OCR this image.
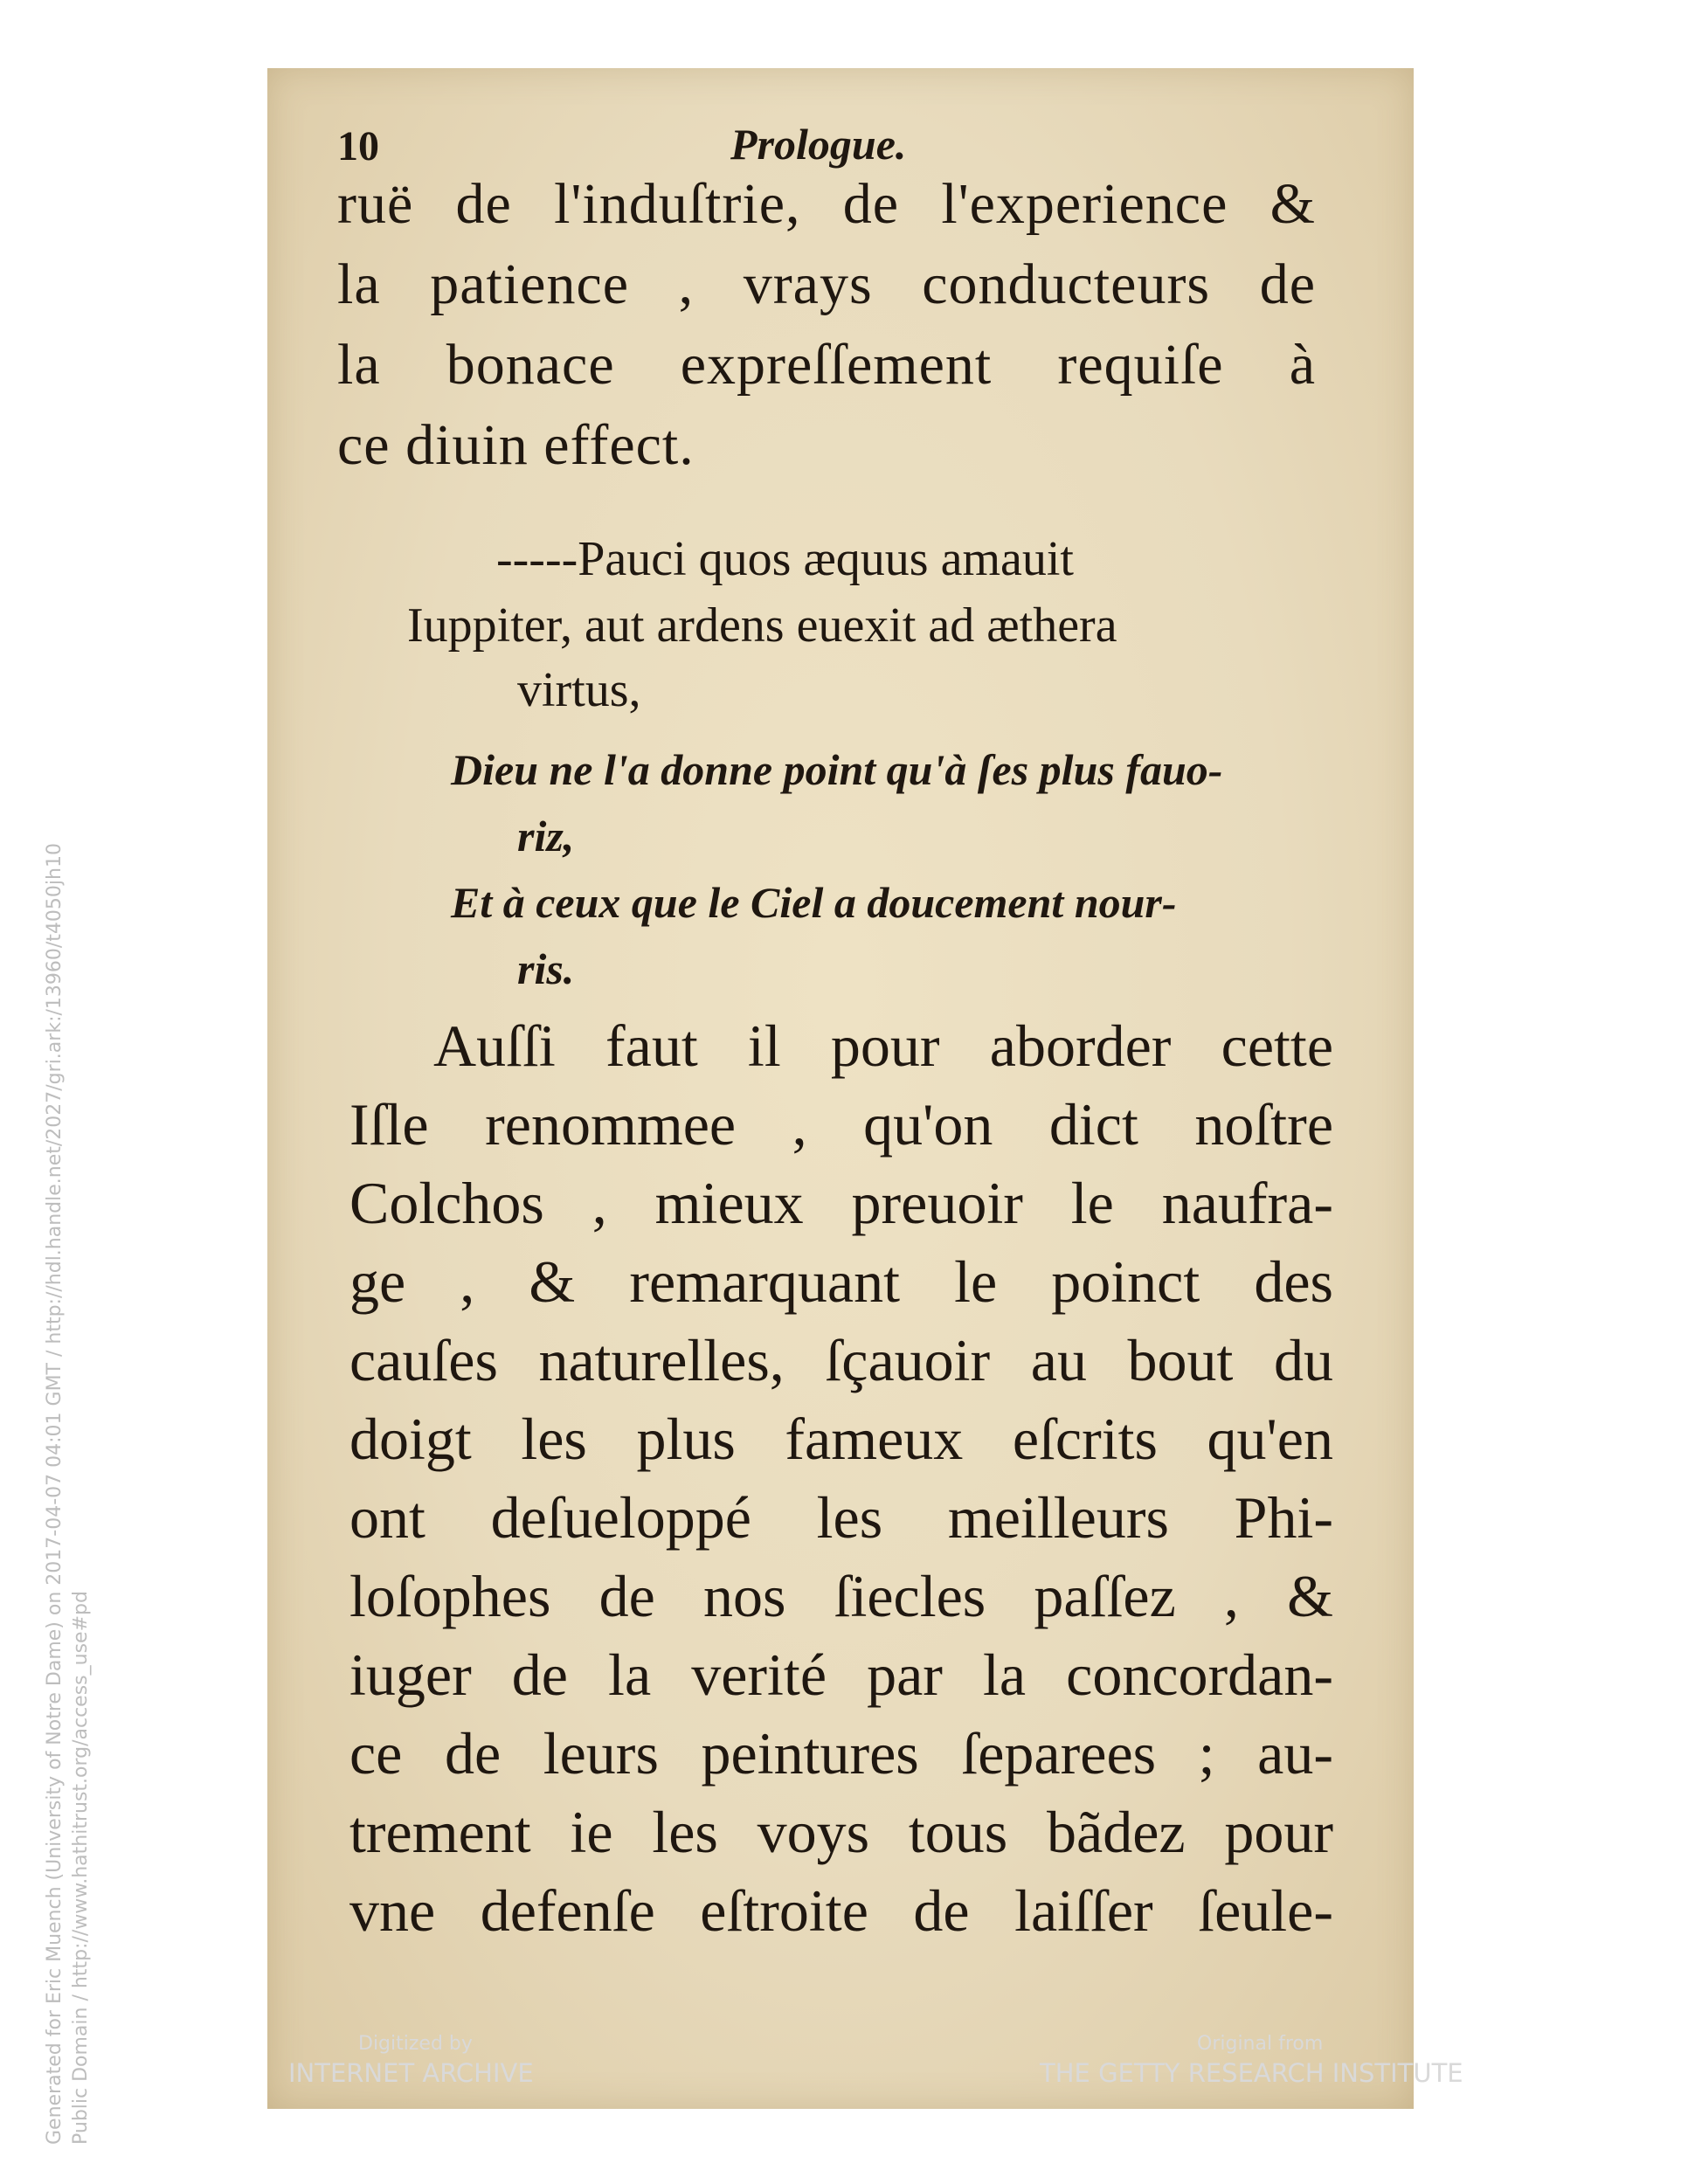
10	Prologue.
ruë de l'induſtrie, de l'experience &
la patience , vrays conducteurs de
la bonace expreſſement requiſe à
ce diuin effect.
-----Pauci quos æquus amauit
Iuppiter, aut ardens euexit ad æthera
virtus,
Dieu ne l'a donne point qu'à ſes plus fauo-
riz,
Et à ceux que le Ciel a doucement nour-
ris.
Auſſi faut il pour aborder cette
Iſle renommee , qu'on dict noſtre
Colchos , mieux preuoir le naufra-
ge , & remarquant le poinct des
cauſes naturelles, ſçauoir au bout du
doigt les plus fameux eſcrits qu'en
ont deſueloppé les meilleurs Phi-
loſophes de nos ſiecles paſſez , &
iuger de la verité par la concordan-
ce de leurs peintures ſeparees ; au-
trement ie les voys tous bãdez pour
vne defenſe eſtroite de laiſſer ſeule-
Generated for Eric Muench (University of Notre Dame) on 2017-04-07 04:01 GMT / http://hdl.handle.net/2027/gri.ark:/13960/t4050jh10 Public Domain / http://www.hathitrust.org/access_use#pd	Digitized by
INTERNET ARCHIVE
Original from
THE GETTY RESEARCH INSTITUTE
